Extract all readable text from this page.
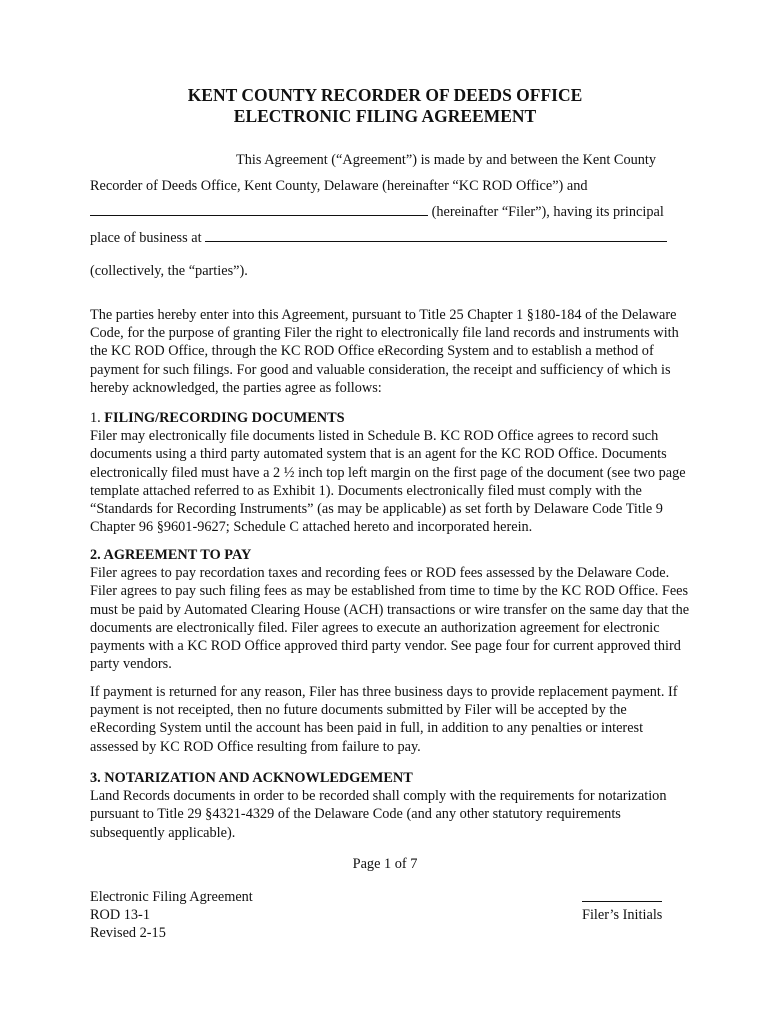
KENT COUNTY RECORDER OF DEEDS OFFICE
ELECTRONIC FILING AGREEMENT
This Agreement (“Agreement”) is made by and between the Kent County
Recorder of Deeds Office, Kent County, Delaware (hereinafter “KC ROD Office”) and
(hereinafter “Filer”), having its principal
place of business at
(collectively, the “parties”).
The parties hereby enter into this Agreement, pursuant to Title 25 Chapter 1 §180-184 of the Delaware Code, for the purpose of granting Filer the right to electronically file land records and instruments with the KC ROD Office, through the KC ROD Office eRecording System and to establish a method of payment for such filings. For good and valuable consideration, the receipt and sufficiency of which is hereby acknowledged, the parties agree as follows:
1. FILING/RECORDING DOCUMENTS
Filer may electronically file documents listed in Schedule B. KC ROD Office agrees to record such documents using a third party automated system that is an agent for the KC ROD Office. Documents electronically filed must have a 2 ½ inch top left margin on the first page of the document (see two page template attached referred to as Exhibit 1). Documents electronically filed must comply with the “Standards for Recording Instruments” (as may be applicable) as set forth by Delaware Code Title 9 Chapter 96 §9601-9627; Schedule C attached hereto and incorporated herein.
2. AGREEMENT TO PAY
Filer agrees to pay recordation taxes and recording fees or ROD fees assessed by the Delaware Code. Filer agrees to pay such filing fees as may be established from time to time by the KC ROD Office. Fees must be paid by Automated Clearing House (ACH) transactions or wire transfer on the same day that the documents are electronically filed. Filer agrees to execute an authorization agreement for electronic payments with a KC ROD Office approved third party vendor. See page four for current approved third party vendors.
If payment is returned for any reason, Filer has three business days to provide replacement payment. If payment is not receipted, then no future documents submitted by Filer will be accepted by the eRecording System until the account has been paid in full, in addition to any penalties or interest assessed by KC ROD Office resulting from failure to pay.
3. NOTARIZATION AND ACKNOWLEDGEMENT
Land Records documents in order to be recorded shall comply with the requirements for notarization pursuant to Title 29 §4321-4329 of the Delaware Code (and any other statutory requirements subsequently applicable).
Page 1 of 7
Electronic Filing Agreement
ROD 13-1
Revised 2-15
Filer’s Initials
